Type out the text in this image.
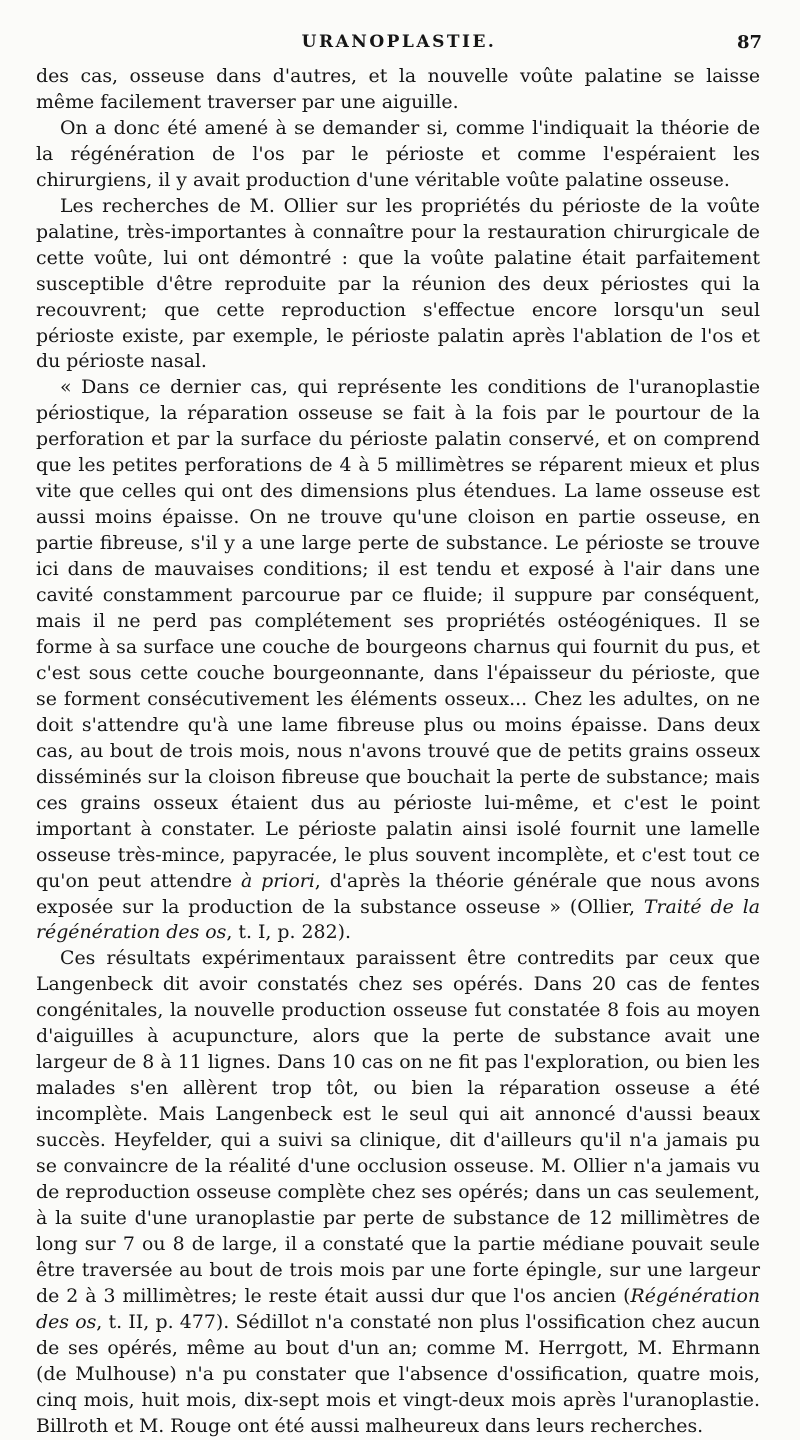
URANOPLASTIE.	87

des cas, osseuse dans d'autres, et la nouvelle voûte palatine se laisse même facilement traverser par une aiguille.

On a donc été amené à se demander si, comme l'indiquait la théorie de la régénération de l'os par le périoste et comme l'espéraient les chirurgiens, il y avait production d'une véritable voûte palatine osseuse.

Les recherches de M. Ollier sur les propriétés du périoste de la voûte palatine, très-importantes à connaître pour la restauration chirurgicale de cette voûte, lui ont démontré : que la voûte palatine était parfaitement susceptible d'être reproduite par la réunion des deux périostes qui la recouvrent; que cette reproduction s'effectue encore lorsqu'un seul périoste existe, par exemple, le périoste palatin après l'ablation de l'os et du périoste nasal.

« Dans ce dernier cas, qui représente les conditions de l'uranoplastie périostique, la réparation osseuse se fait à la fois par le pourtour de la perforation et par la surface du périoste palatin conservé, et on comprend que les petites perforations de 4 à 5 millimètres se réparent mieux et plus vite que celles qui ont des dimensions plus étendues. La lame osseuse est aussi moins épaisse. On ne trouve qu'une cloison en partie osseuse, en partie fibreuse, s'il y a une large perte de substance. Le périoste se trouve ici dans de mauvaises conditions; il est tendu et exposé à l'air dans une cavité constamment parcourue par ce fluide; il suppure par conséquent, mais il ne perd pas complétement ses propriétés ostéogéniques. Il se forme à sa surface une couche de bourgeons charnus qui fournit du pus, et c'est sous cette couche bourgeonnante, dans l'épaisseur du périoste, que se forment consécutivement les éléments osseux... Chez les adultes, on ne doit s'attendre qu'à une lame fibreuse plus ou moins épaisse. Dans deux cas, au bout de trois mois, nous n'avons trouvé que de petits grains osseux disséminés sur la cloison fibreuse que bouchait la perte de substance; mais ces grains osseux étaient dus au périoste lui-même, et c'est le point important à constater. Le périoste palatin ainsi isolé fournit une lamelle osseuse très-mince, papyracée, le plus souvent incomplète, et c'est tout ce qu'on peut attendre à priori, d'après la théorie générale que nous avons exposée sur la production de la substance osseuse » (Ollier, Traité de la régénération des os, t. I, p. 282).

Ces résultats expérimentaux paraissent être contredits par ceux que Langenbeck dit avoir constatés chez ses opérés. Dans 20 cas de fentes congénitales, la nouvelle production osseuse fut constatée 8 fois au moyen d'aiguilles à acupuncture, alors que la perte de substance avait une largeur de 8 à 11 lignes. Dans 10 cas on ne fit pas l'exploration, ou bien les malades s'en allèrent trop tôt, ou bien la réparation osseuse a été incomplète. Mais Langenbeck est le seul qui ait annoncé d'aussi beaux succès. Heyfelder, qui a suivi sa clinique, dit d'ailleurs qu'il n'a jamais pu se convaincre de la réalité d'une occlusion osseuse. M. Ollier n'a jamais vu de reproduction osseuse complète chez ses opérés; dans un cas seulement, à la suite d'une uranoplastie par perte de substance de 12 millimètres de long sur 7 ou 8 de large, il a constaté que la partie médiane pouvait seule être traversée au bout de trois mois par une forte épingle, sur une largeur de 2 à 3 millimètres; le reste était aussi dur que l'os ancien (Régénération des os, t. II, p. 477). Sédillot n'a constaté non plus l'ossification chez aucun de ses opérés, même au bout d'un an; comme M. Herrgott, M. Ehrmann (de Mulhouse) n'a pu constater que l'absence d'ossification, quatre mois, cinq mois, huit mois, dix-sept mois et vingt-deux mois après l'uranoplastie. Billroth et M. Rouge ont été aussi malheureux dans leurs recherches.
